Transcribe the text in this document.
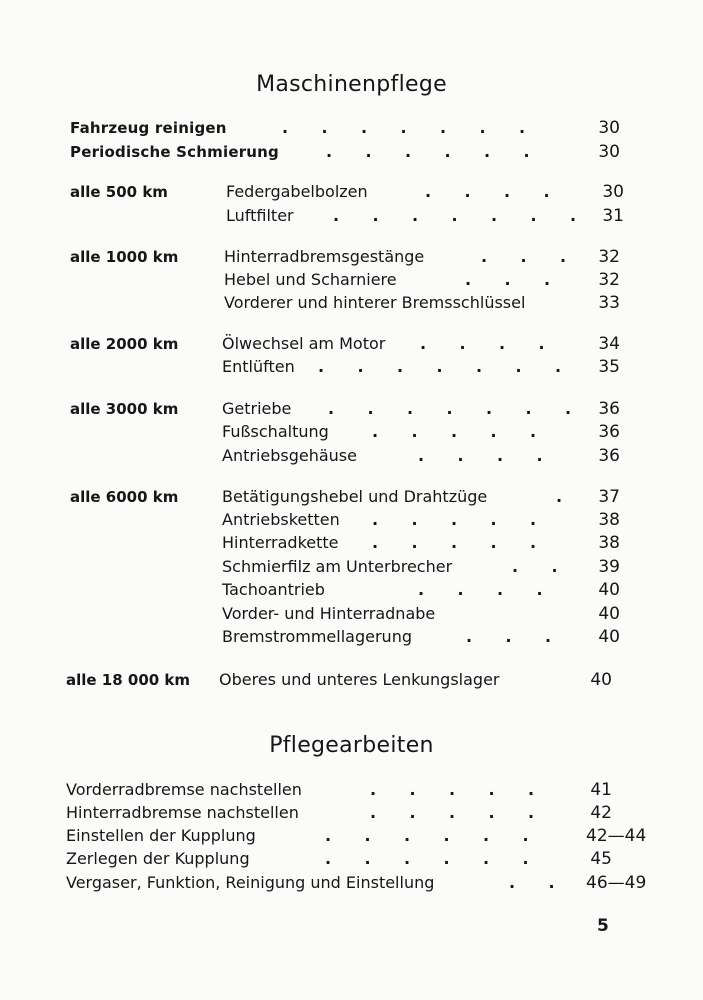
Maschinenpflege
Fahrzeug reinigen	.      .      .      .      .      .      .	30
Periodische Schmierung	.      .      .      .      .      .	30
alle 500 km	Federgabelbolzen	.      .      .      .	30
Luftfilter .      .      .      .      .      .      .	31
alle 1000 km	Hinterradbremsgestänge	.      .      .	32
Hebel und Scharniere	.      .      .	32
Vorderer und hinterer Bremsschlüssel	33
alle 2000 km	Ölwechsel am Motor .      .      .      .	34
Entlüften .      .      .      .      .      .      .	35
alle 3000 km	Getriebe .      .      .      .      .      .      .	36
Fußschaltung	.      .      .      .      .	36
Antriebsgehäuse	.      .      .      .	36
alle 6000 km	Betätigungshebel und Drahtzüge	.	37
Antriebsketten .      .      .      .      .	38
Hinterradkette .      .      .      .      .	38
Schmierfilz am Unterbrecher	.      .	39
Tachoantrieb	.      .      .      .	40
Vorder- und Hinterradnabe	40
Bremstrommellagerung	.      .      .	40
alle 18 000 km Oberes und unteres Lenkungslager	40
Pflegearbeiten
Vorderradbremse nachstellen	.      .      .      .      .	41
Hinterradbremse nachstellen	.      .      .      .      .	42
Einstellen der Kupplung	.      .      .      .      .      .	42—44
Zerlegen der Kupplung	.      .      .      .      .      .	45
Vergaser, Funktion, Reinigung und Einstellung	.      . 46—49
5
